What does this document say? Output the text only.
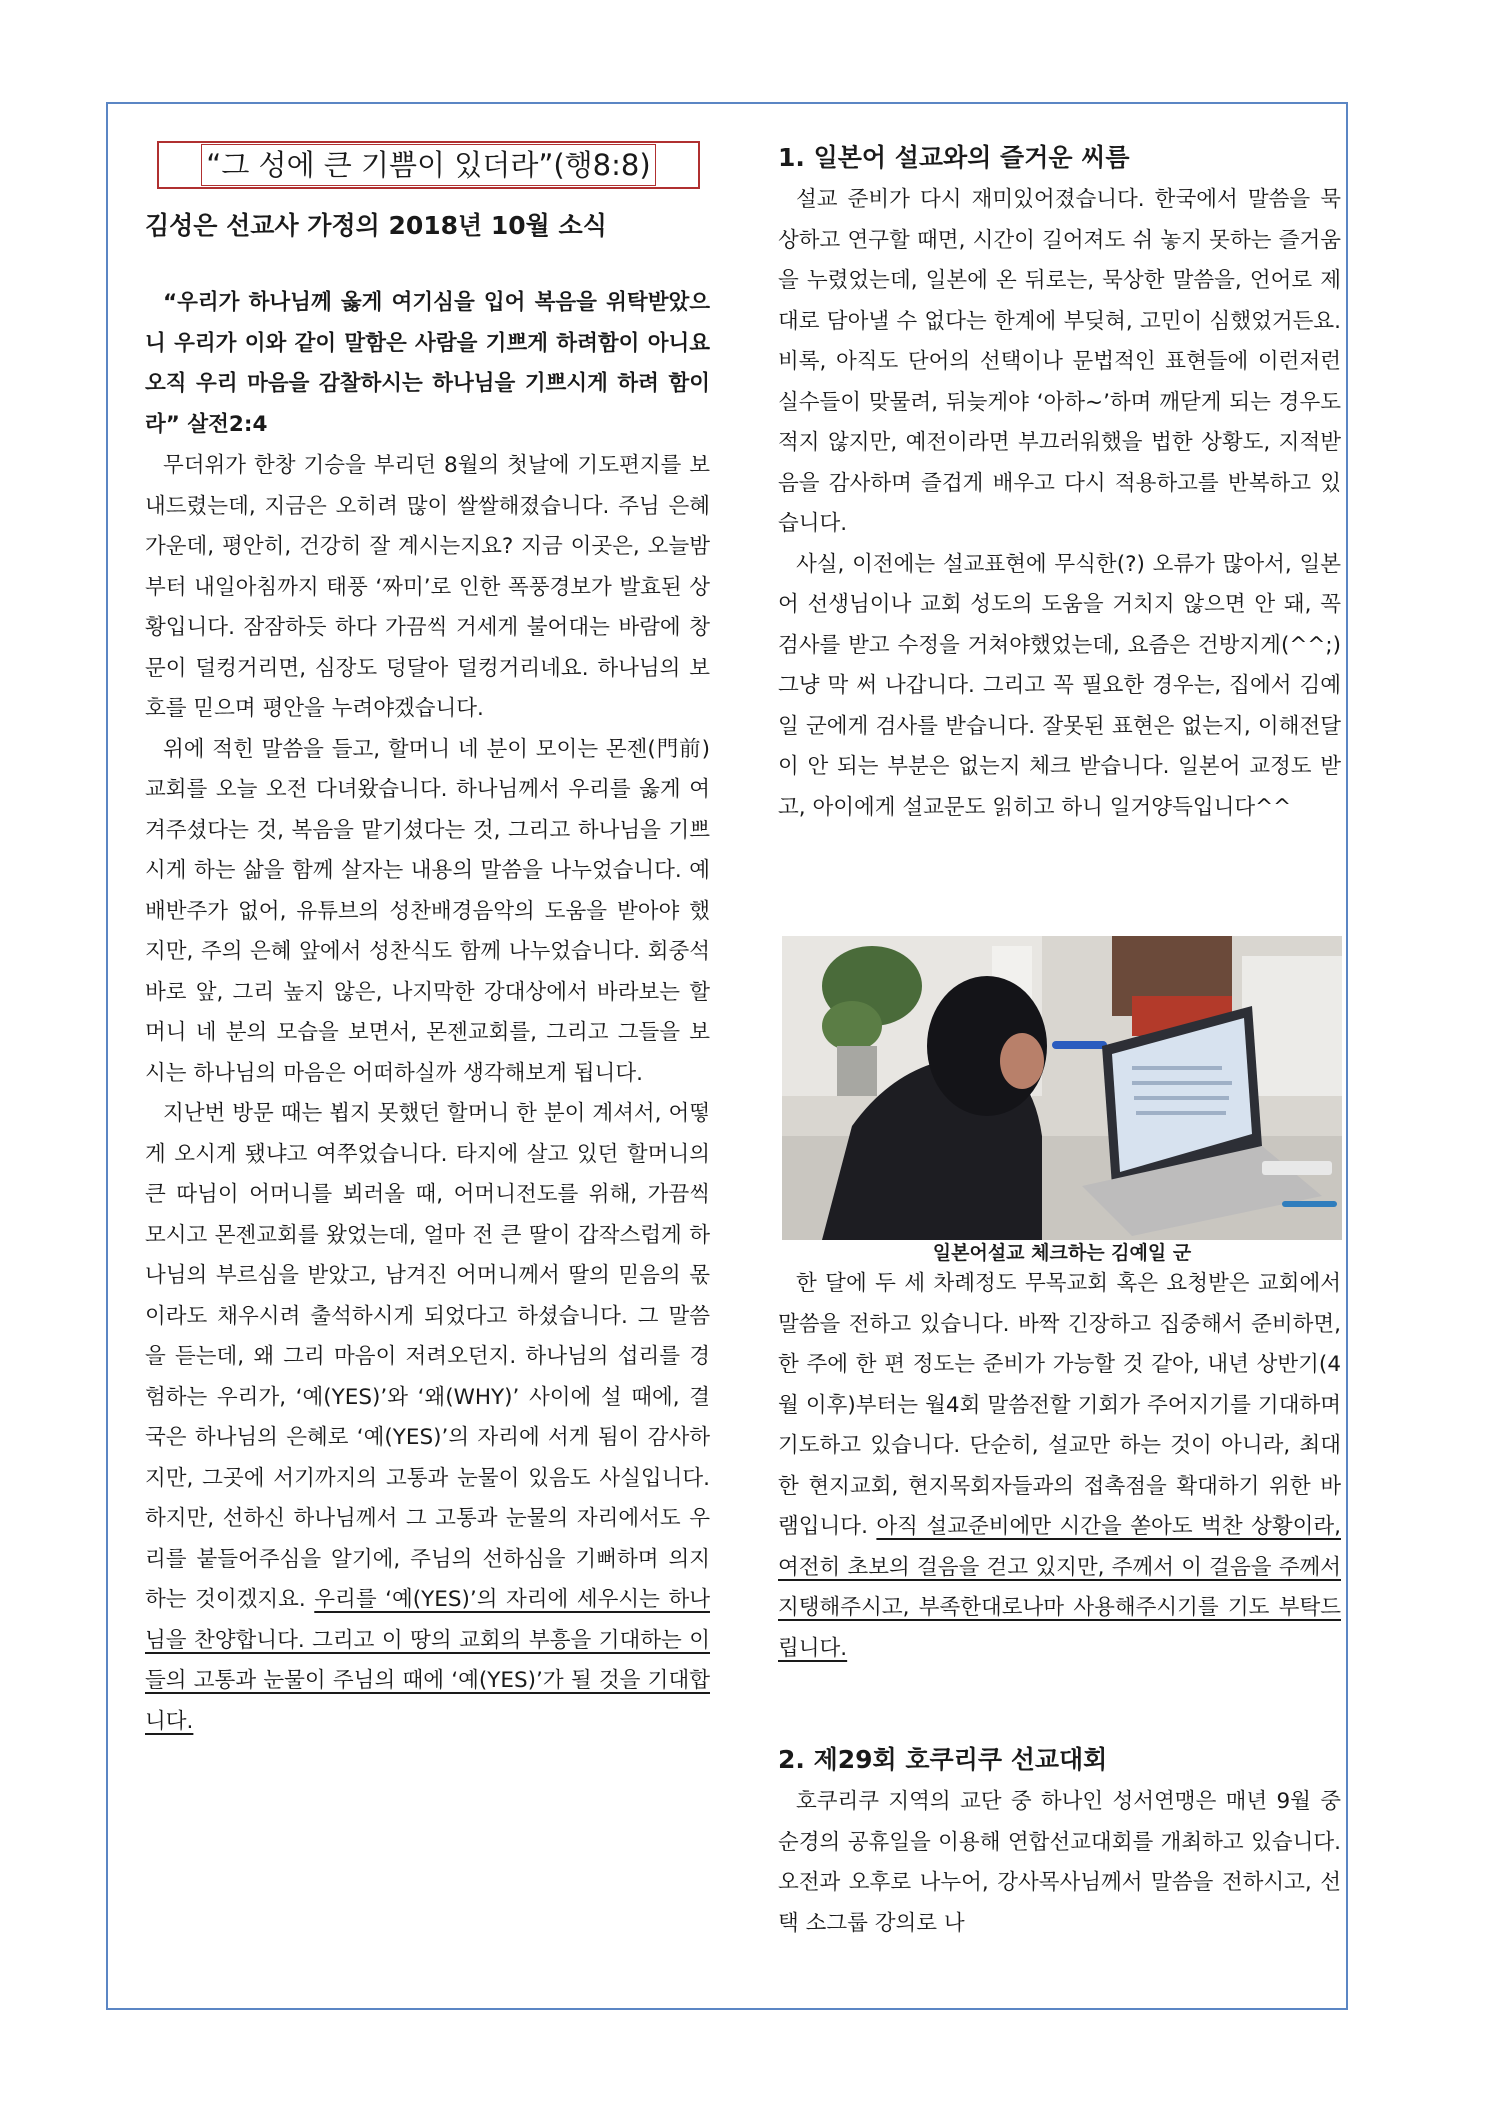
“그 성에 큰 기쁨이 있더라”(행8:8)
김성은 선교사 가정의 2018년 10월 소식

“우리가 하나님께 옳게 여기심을 입어 복음을 위탁받았으니 우리가 이와 같이 말함은 사람을 기쁘게 하려함이 아니요 오직 우리 마음을 감찰하시는 하나님을 기쁘시게 하려 함이라” 살전2:4

무더위가 한창 기승을 부리던 8월의 첫날에 기도편지를 보내드렸는데, 지금은 오히려 많이 쌀쌀해졌습니다. 주님 은혜 가운데, 평안히, 건강히 잘 계시는지요? 지금 이곳은, 오늘밤부터 내일아침까지 태풍 ‘짜미’로 인한 폭풍경보가 발효된 상황입니다. 잠잠하듯 하다 가끔씩 거세게 불어대는 바람에 창문이 덜컹거리면, 심장도 덩달아 덜컹거리네요. 하나님의 보호를 믿으며 평안을 누려야겠습니다.

위에 적힌 말씀을 들고, 할머니 네 분이 모이는 몬젠(門前)교회를 오늘 오전 다녀왔습니다. 하나님께서 우리를 옳게 여겨주셨다는 것, 복음을 맡기셨다는 것, 그리고 하나님을 기쁘시게 하는 삶을 함께 살자는 내용의 말씀을 나누었습니다. 예배반주가 없어, 유튜브의 성찬배경음악의 도움을 받아야 했지만, 주의 은혜 앞에서 성찬식도 함께 나누었습니다. 회중석 바로 앞, 그리 높지 않은, 나지막한 강대상에서 바라보는 할머니 네 분의 모습을 보면서, 몬젠교회를, 그리고 그들을 보시는 하나님의 마음은 어떠하실까 생각해보게 됩니다.

지난번 방문 때는 뵙지 못했던 할머니 한 분이 계셔서, 어떻게 오시게 됐냐고 여쭈었습니다. 타지에 살고 있던 할머니의 큰 따님이 어머니를 뵈러올 때, 어머니전도를 위해, 가끔씩 모시고 몬젠교회를 왔었는데, 얼마 전 큰 딸이 갑작스럽게 하나님의 부르심을 받았고, 남겨진 어머니께서 딸의 믿음의 몫이라도 채우시려 출석하시게 되었다고 하셨습니다. 그 말씀을 듣는데, 왜 그리 마음이 저려오던지. 하나님의 섭리를 경험하는 우리가, ‘예(YES)’와 ‘왜(WHY)’ 사이에 설 때에, 결국은 하나님의 은혜로 ‘예(YES)’의 자리에 서게 됨이 감사하지만, 그곳에 서기까지의 고통과 눈물이 있음도 사실입니다. 하지만, 선하신 하나님께서 그 고통과 눈물의 자리에서도 우리를 붙들어주심을 알기에, 주님의 선하심을 기뻐하며 의지하는 것이겠지요. 우리를 ‘예(YES)’의 자리에 세우시는 하나님을 찬양합니다. 그리고 이 땅의 교회의 부흥을 기대하는 이들의 고통과 눈물이 주님의 때에 ‘예(YES)’가 될 것을 기대합니다.

1. 일본어 설교와의 즐거운 씨름

설교 준비가 다시 재미있어졌습니다. 한국에서 말씀을 묵상하고 연구할 때면, 시간이 길어져도 쉬 놓지 못하는 즐거움을 누렸었는데, 일본에 온 뒤로는, 묵상한 말씀을, 언어로 제대로 담아낼 수 없다는 한계에 부딪혀, 고민이 심했었거든요. 비록, 아직도 단어의 선택이나 문법적인 표현들에 이런저런 실수들이 맞물려, 뒤늦게야 ‘아하~’하며 깨닫게 되는 경우도 적지 않지만, 예전이라면 부끄러워했을 법한 상황도, 지적받음을 감사하며 즐겁게 배우고 다시 적용하고를 반복하고 있습니다.

사실, 이전에는 설교표현에 무식한(?) 오류가 많아서, 일본어 선생님이나 교회 성도의 도움을 거치지 않으면 안 돼, 꼭 검사를 받고 수정을 거쳐야했었는데, 요즘은 건방지게(^^;) 그냥 막 써 나갑니다. 그리고 꼭 필요한 경우는, 집에서 김예일 군에게 검사를 받습니다. 잘못된 표현은 없는지, 이해전달이 안 되는 부분은 없는지 체크 받습니다. 일본어 교정도 받고, 아이에게 설교문도 읽히고 하니 일거양득입니다^^

일본어설교 체크하는 김예일 군

한 달에 두 세 차례정도 무목교회 혹은 요청받은 교회에서 말씀을 전하고 있습니다. 바짝 긴장하고 집중해서 준비하면, 한 주에 한 편 정도는 준비가 가능할 것 같아, 내년 상반기(4월 이후)부터는 월4회 말씀전할 기회가 주어지기를 기대하며 기도하고 있습니다. 단순히, 설교만 하는 것이 아니라, 최대한 현지교회, 현지목회자들과의 접촉점을 확대하기 위한 바램입니다. 아직 설교준비에만 시간을 쏟아도 벅찬 상황이라, 여전히 초보의 걸음을 걷고 있지만, 주께서 이 걸음을 주께서 지탱해주시고, 부족한대로나마 사용해주시기를 기도 부탁드립니다.

2. 제29회 호쿠리쿠 선교대회

호쿠리쿠 지역의 교단 중 하나인 성서연맹은 매년 9월 중순경의 공휴일을 이용해 연합선교대회를 개최하고 있습니다. 오전과 오후로 나누어, 강사목사님께서 말씀을 전하시고, 선택 소그룹 강의로 나
